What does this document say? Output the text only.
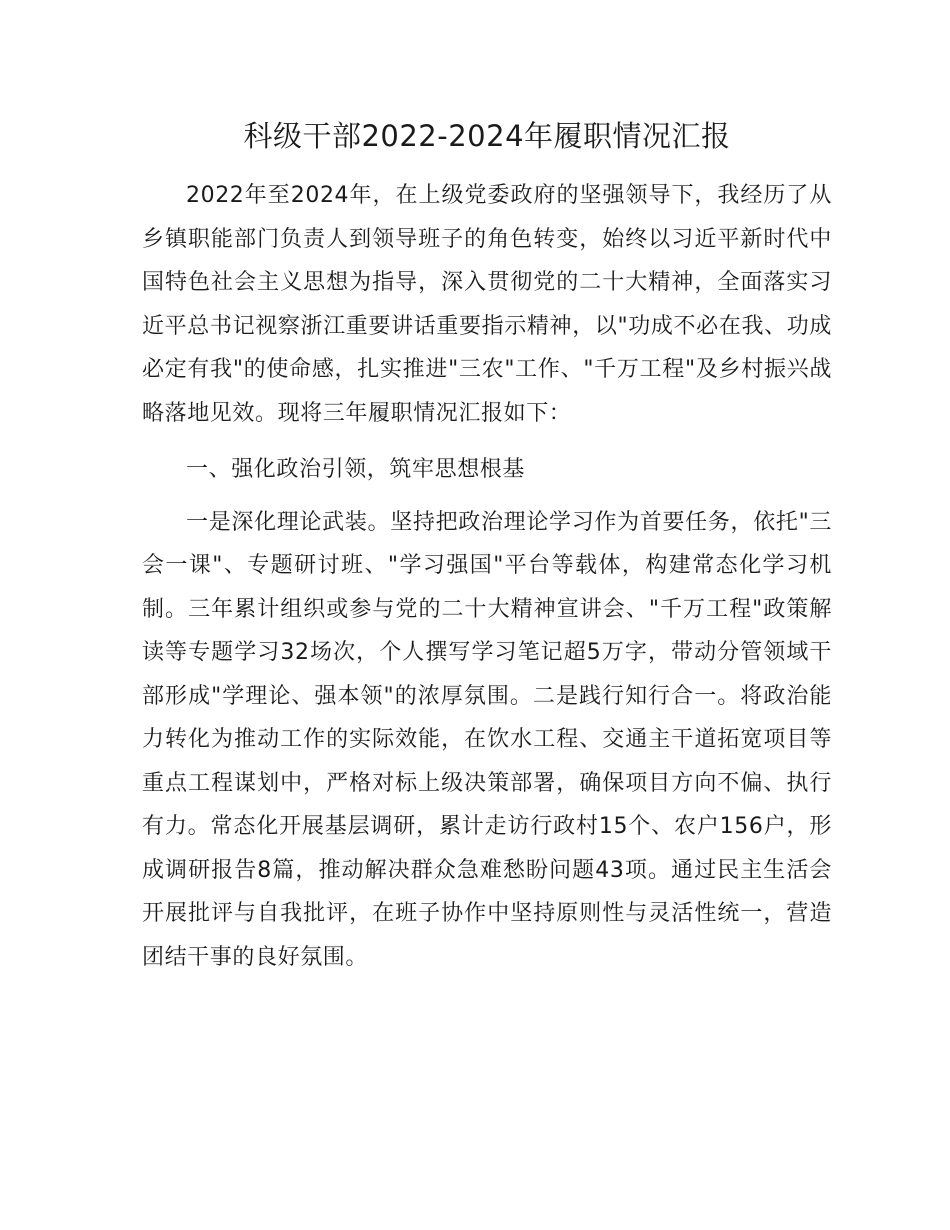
科级干部2022-2024年履职情况汇报

2022年至2024年，在上级党委政府的坚强领导下，我经历了从乡镇职能部门负责人到领导班子的角色转变，始终以习近平新时代中国特色社会主义思想为指导，深入贯彻党的二十大精神，全面落实习近平总书记视察浙江重要讲话重要指示精神，以"功成不必在我、功成必定有我"的使命感，扎实推进"三农"工作、"千万工程"及乡村振兴战略落地见效。现将三年履职情况汇报如下：

一、强化政治引领，筑牢思想根基

一是深化理论武装。坚持把政治理论学习作为首要任务，依托"三会一课"、专题研讨班、"学习强国"平台等载体，构建常态化学习机制。三年累计组织或参与党的二十大精神宣讲会、"千万工程"政策解读等专题学习32场次，个人撰写学习笔记超5万字，带动分管领域干部形成"学理论、强本领"的浓厚氛围。二是践行知行合一。将政治能力转化为推动工作的实际效能，在饮水工程、交通主干道拓宽项目等重点工程谋划中，严格对标上级决策部署，确保项目方向不偏、执行有力。常态化开展基层调研，累计走访行政村15个、农户156户，形成调研报告8篇，推动解决群众急难愁盼问题43项。通过民主生活会开展批评与自我批评，在班子协作中坚持原则性与灵活性统一，营造团结干事的良好氛围。
